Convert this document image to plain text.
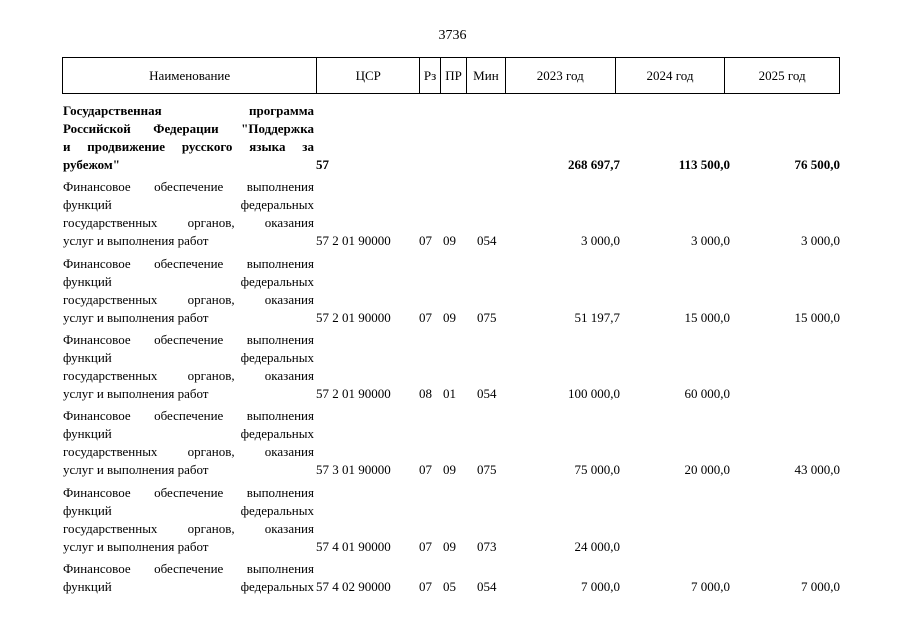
3736
Наименование	ЦСР	Рз ПР Мин	2023 год	2024 год	2025 год
Государственная программа
Российской Федерации "Поддержка
и продвижение русского языка за
рубежом"	57	268 697,7	113 500,0	76 500,0
Финансовое обеспечение выполнения
функций федеральных
государственных органов, оказания
услуг и выполнения работ	57 2 01 90000 07 09 054	3 000,0	3 000,0	3 000,0
Финансовое обеспечение выполнения
функций федеральных
государственных органов, оказания
услуг и выполнения работ	57 2 01 90000 07 09 075	51 197,7	15 000,0	15 000,0
Финансовое обеспечение выполнения
функций федеральных
государственных органов, оказания
услуг и выполнения работ	57 2 01 90000 08 01 054	100 000,0	60 000,0
Финансовое обеспечение выполнения
функций федеральных
государственных органов, оказания
услуг и выполнения работ	57 3 01 90000 07 09 075	75 000,0	20 000,0	43 000,0
Финансовое обеспечение выполнения
функций федеральных
государственных органов, оказания
услуг и выполнения работ	57 4 01 90000 07 09 073	24 000,0
Финансовое обеспечение выполнения
функций федеральных 57 4 02 90000 07 05 054	7 000,0	7 000,0	7 000,0
